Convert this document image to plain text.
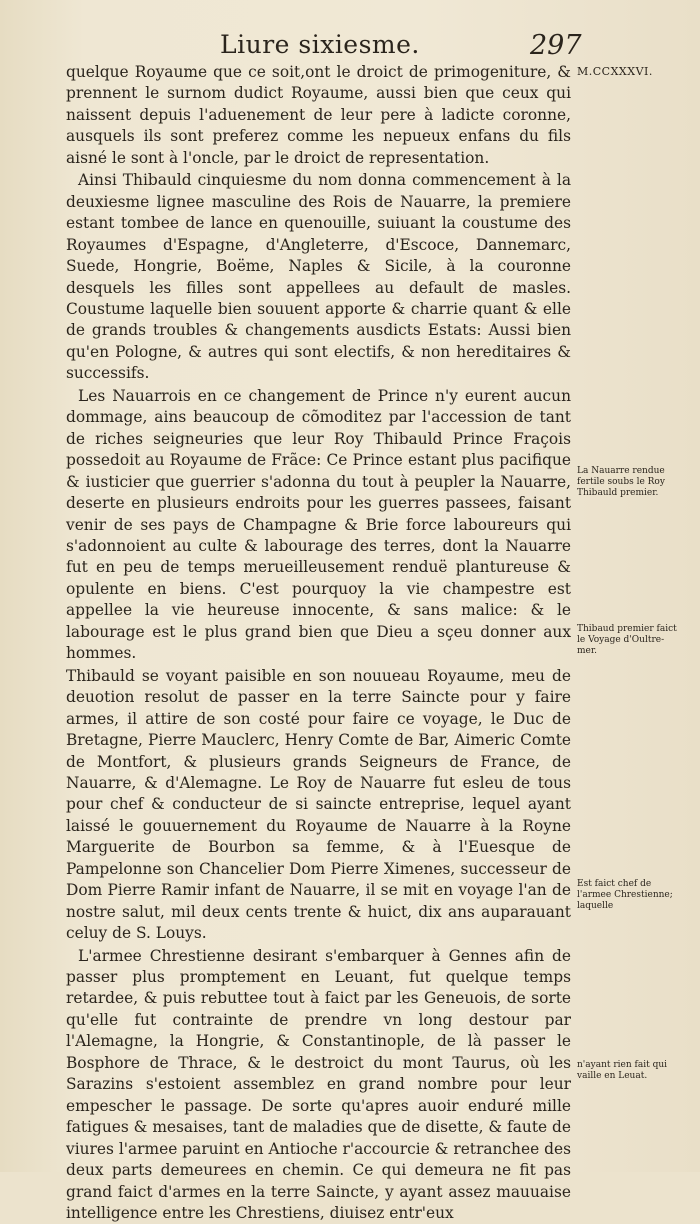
Liure sixiesme.	297

quelque Royaume que ce soit,ont le droict de primogeniture, & prennent le surnom dudict Royaume, aussi bien que ceux qui naissent depuis l'aduenement de leur pere à ladicte coronne, ausquels ils sont preferez comme les nepueux enfans du fils aisné le sont à l'oncle, par le droict de representation.

Ainsi Thibauld cinquiesme du nom donna commencement à la deuxiesme lignee masculine des Rois de Nauarre, la premiere estant tombee de lance en quenouille, suiuant la coustume des Royaumes d'Espagne, d'Angleterre, d'Escoce, Dannemarc, Suede, Hongrie, Boëme, Naples & Sicile, à la couronne desquels les filles sont appellees au default de masles. Coustume laquelle bien souuent apporte & charrie quant & elle de grands troubles & changements ausdicts Estats: Aussi bien qu'en Pologne, & autres qui sont electifs, & non hereditaires & successifs.

Les Nauarrois en ce changement de Prince n'y eurent aucun dommage, ains beaucoup de cõmoditez par l'accession de tant de riches seigneuries que leur Roy Thibauld Prince Fraçois possedoit au Royaume de Frãce: Ce Prince estant plus pacifique & iusticier que guerrier s'adonna du tout à peupler la Nauarre, deserte en plusieurs endroits pour les guerres passees, faisant venir de ses pays de Champagne & Brie force laboureurs qui s'adonnoient au culte & labourage des terres, dont la Nauarre fut en peu de temps merueilleusement renduë plantureuse & opulente en biens. C'est pourquoy la vie champestre est appellee la vie heureuse innocente, & sans malice: & le labourage est le plus grand bien que Dieu a sçeu donner aux hommes.

Thibauld se voyant paisible en son nouueau Royaume, meu de deuotion resolut de passer en la terre Saincte pour y faire armes, il attire de son costé pour faire ce voyage, le Duc de Bretagne, Pierre Mauclerc, Henry Comte de Bar, Aimeric Comte de Montfort, & plusieurs grands Seigneurs de France, de Nauarre, & d'Alemagne. Le Roy de Nauarre fut esleu de tous pour chef & conducteur de si saincte entreprise, lequel ayant laissé le gouuernement du Royaume de Nauarre à la Royne Marguerite de Bourbon sa femme, & à l'Euesque de Pampelonne son Chancelier Dom Pierre Ximenes, successeur de Dom Pierre Ramir infant de Nauarre, il se mit en voyage l'an de nostre salut, mil deux cents trente & huict, dix ans auparauant celuy de S. Louys.

L'armee Chrestienne desirant s'embarquer à Gennes afin de passer plus promptement en Leuant, fut quelque temps retardee, & puis rebuttee tout à faict par les Geneuois, de sorte qu'elle fut contrainte de prendre vn long destour par l'Alemagne, la Hongrie, & Constantinople, de là passer le Bosphore de Thrace, & le destroict du mont Taurus, où les Sarazins s'estoient assemblez en grand nombre pour leur empescher le passage. De sorte qu'apres auoir enduré mille fatigues & mesaises, tant de maladies que de disette, & faute de viures l'armee paruint en Antioche r'accourcie & retranchee des deux parts demeurees en chemin. Ce qui demeura ne fit pas grand faict d'armes en la terre Saincte, y ayant assez mauuaise intelligence entre les Chrestiens, diuisez entr'eux

M.CCXXXVI.
La Nauarre rendue fertile soubs le Roy Thibauld premier.
Thibaud premier faict le Voyage d'Oultre-mer.
Est faict chef de l'armee Chrestienne; laquelle
n'ayant rien fait qui vaille en Leuat.
